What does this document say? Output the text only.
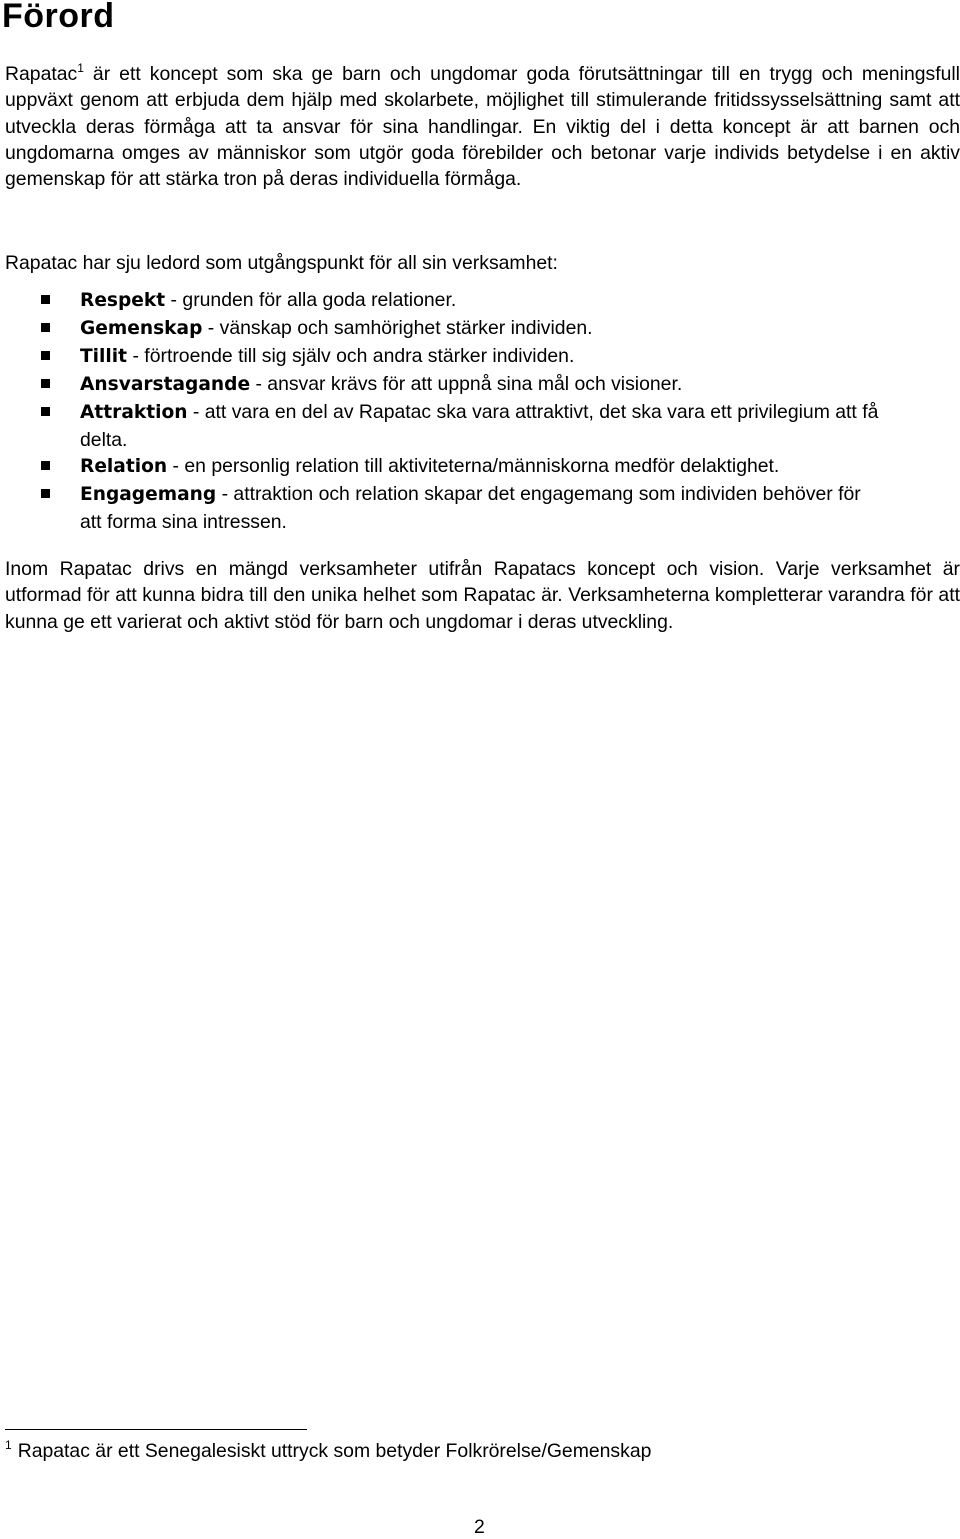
Förord

Rapatac$^1$ är ett koncept som ska ge barn och ungdomar goda förutsättningar till en trygg och meningsfull uppväxt genom att erbjuda dem hjälp med skolarbete, möjlighet till stimulerande fritidssysselsättning samt att utveckla deras förmåga att ta ansvar för sina handlingar. En viktig del i detta koncept är att barnen och ungdomarna omges av människor som utgör goda förebilder och betonar varje individs betydelse i en aktiv gemenskap för att stärka tron på deras individuella förmåga.

Rapatac har sju ledord som utgångspunkt för all sin verksamhet:

Respekt - grunden för alla goda relationer.
Gemenskap - vänskap och samhörighet stärker individen.
Tillit - förtroende till sig själv och andra stärker individen.
Ansvarstagande - ansvar krävs för att uppnå sina mål och visioner.
Attraktion - att vara en del av Rapatac ska vara attraktivt, det ska vara ett privilegium att få delta.
Relation - en personlig relation till aktiviteterna/människorna medför delaktighet.
Engagemang - attraktion och relation skapar det engagemang som individen behöver för att forma sina intressen.

Inom Rapatac drivs en mängd verksamheter utifrån Rapatacs koncept och vision. Varje verksamhet är utformad för att kunna bidra till den unika helhet som Rapatac är. Verksamheterna kompletterar varandra för att kunna ge ett varierat och aktivt stöd för barn och ungdomar i deras utveckling.

$^1$ Rapatac är ett Senegalesiskt uttryck som betyder Folkrörelse/Gemenskap

2
